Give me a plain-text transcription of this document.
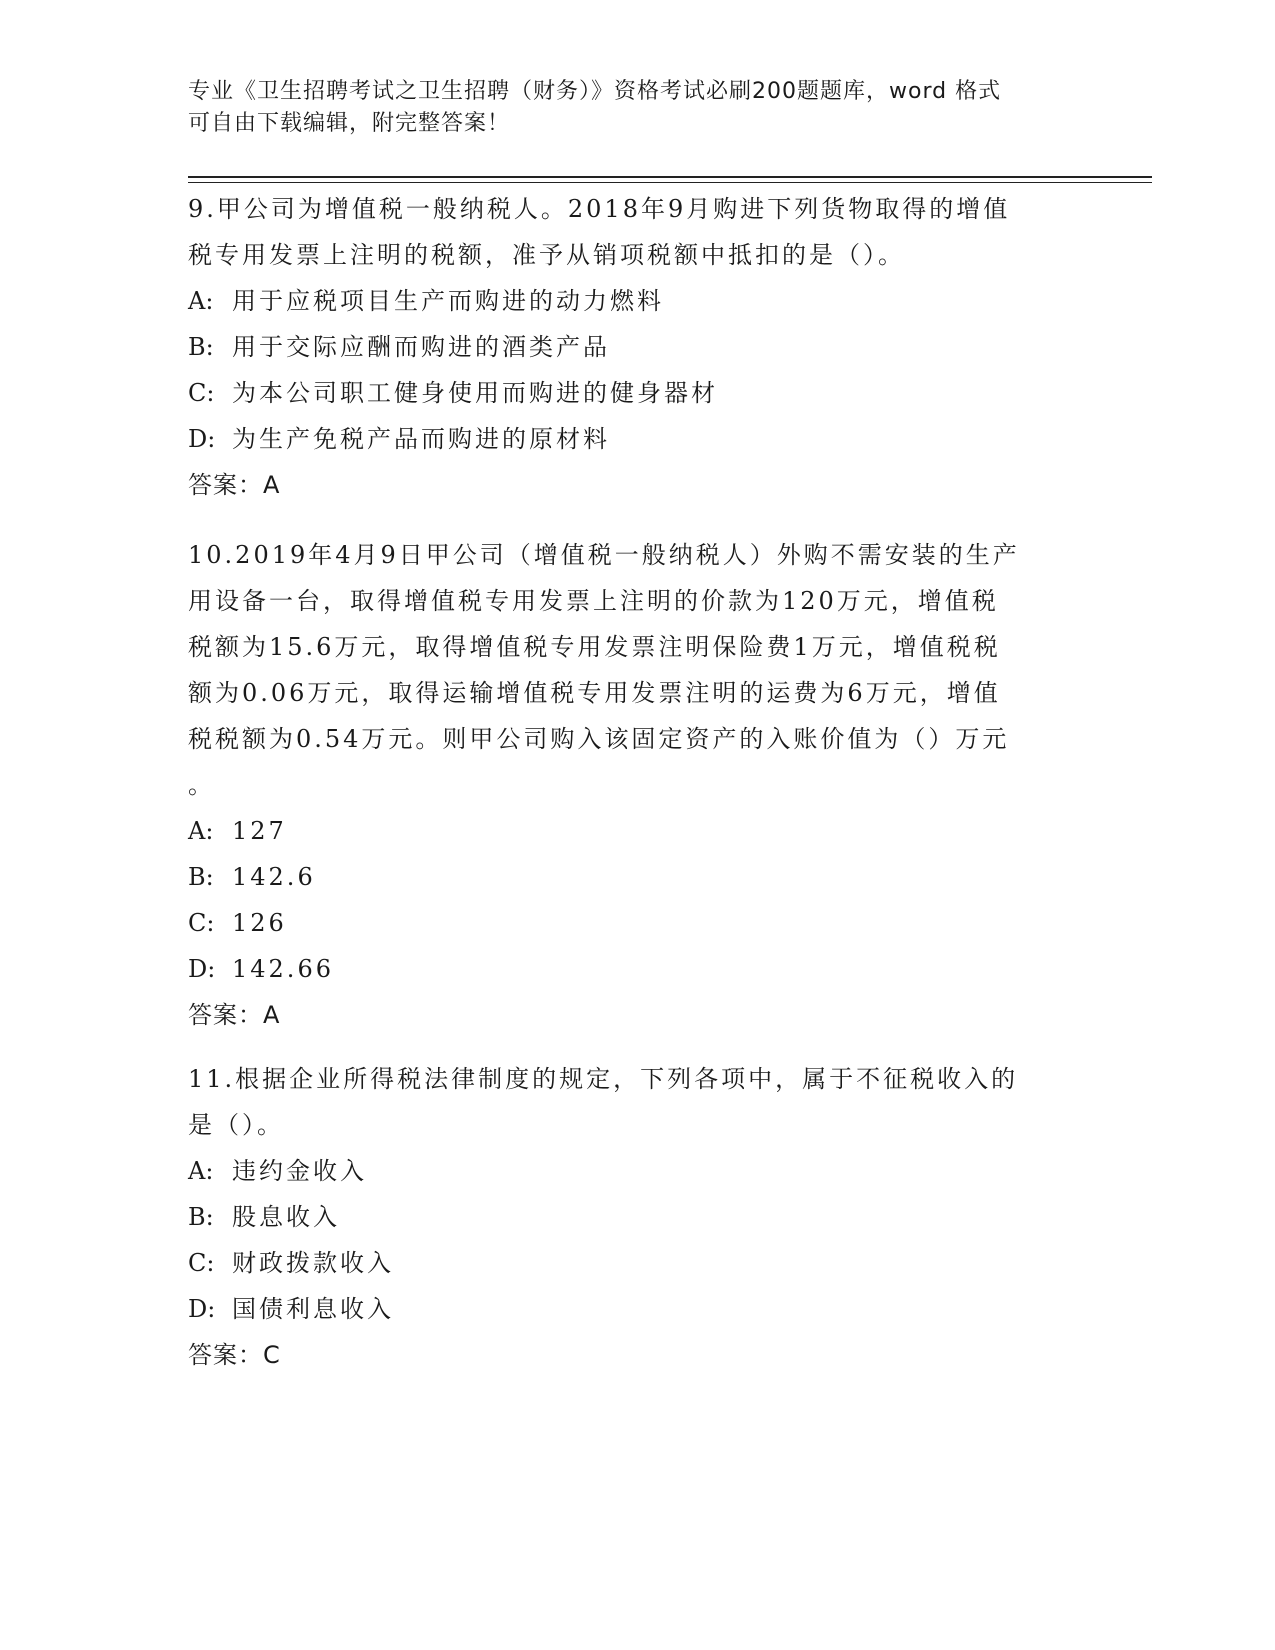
专业《卫生招聘考试之卫生招聘（财务）》资格考试必刷200题题库，word 格式
可自由下载编辑，附完整答案！
9.甲公司为增值税一般纳税人。2018年9月购进下列货物取得的增值
税专用发票上注明的税额，准予从销项税额中抵扣的是（）。
A: 用于应税项目生产而购进的动力燃料
B: 用于交际应酬而购进的酒类产品
C: 为本公司职工健身使用而购进的健身器材
D: 为生产免税产品而购进的原材料
答案：A
10.2019年4月9日甲公司（增值税一般纳税人）外购不需安装的生产
用设备一台，取得增值税专用发票上注明的价款为120万元，增值税
税额为15.6万元，取得增值税专用发票注明保险费1万元，增值税税
额为0.06万元，取得运输增值税专用发票注明的运费为6万元，增值
税税额为0.54万元。则甲公司购入该固定资产的入账价值为（）万元
。
A: 127
B: 142.6
C: 126
D: 142.66
答案：A
11.根据企业所得税法律制度的规定，下列各项中，属于不征税收入的
是（）。
A: 违约金收入
B: 股息收入
C: 财政拨款收入
D: 国债利息收入
答案：C
